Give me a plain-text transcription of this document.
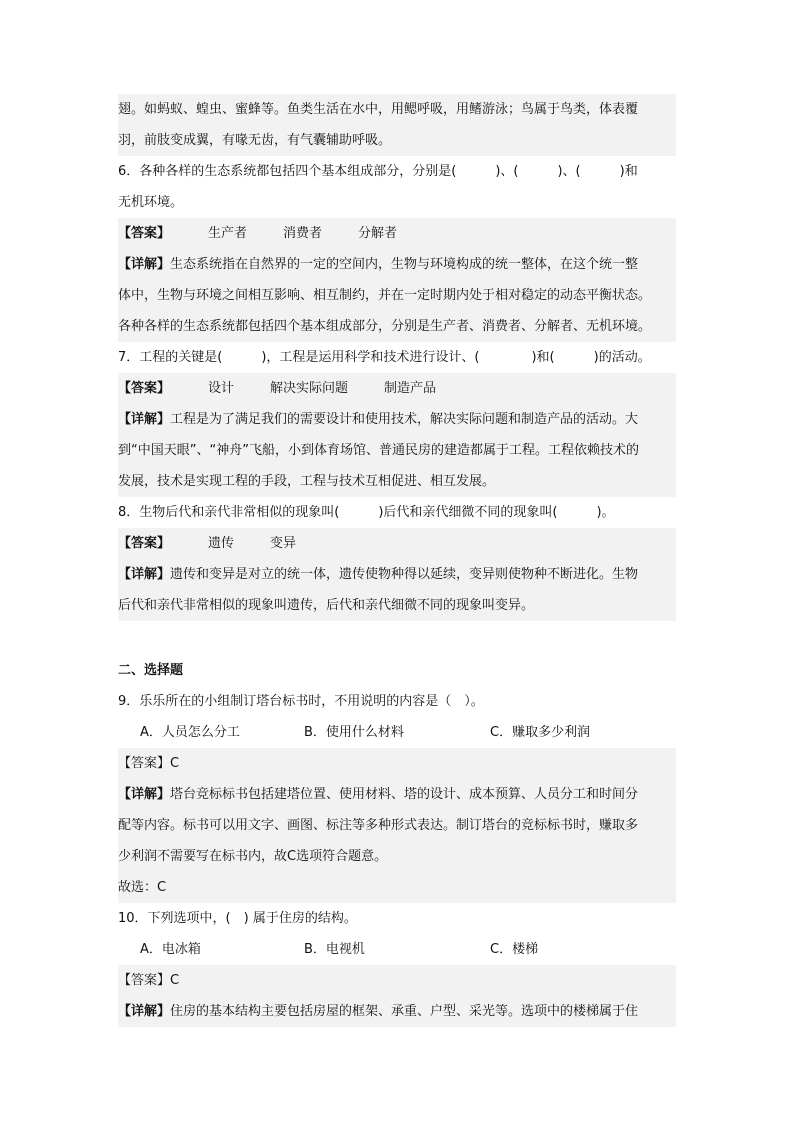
翅。如蚂蚁、蝗虫、蜜蜂等。鱼类生活在水中，用鳃呼吸，用鳍游泳；鸟属于鸟类，体表覆

羽，前肢变成翼，有喙无齿，有气囊辅助呼吸。

6．各种各样的生态系统都包括四个基本组成部分，分别是(　　　)、(　　　)、(　　　)和

无机环境。

【答案】	生产者	消费者	分解者

【详解】生态系统指在自然界的一定的空间内，生物与环境构成的统一整体，在这个统一整

体中，生物与环境之间相互影响、相互制约，并在一定时期内处于相对稳定的动态平衡状态。

各种各样的生态系统都包括四个基本组成部分，分别是生产者、消费者、分解者、无机环境。

7．工程的关键是(　　　)，工程是运用科学和技术进行设计、(　　　　)和(　　　)的活动。

【答案】	设计	解决实际问题	制造产品

【详解】工程是为了满足我们的需要设计和使用技术，解决实际问题和制造产品的活动。大

到“中国天眼”、“神舟”飞船，小到体育场馆、普通民房的建造都属于工程。工程依赖技术的

发展，技术是实现工程的手段，工程与技术互相促进、相互发展。

8．生物后代和亲代非常相似的现象叫(　　　)后代和亲代细微不同的现象叫(　　　)。

【答案】	遗传	变异

【详解】遗传和变异是对立的统一体，遗传使物种得以延续，变异则使物种不断进化。生物

后代和亲代非常相似的现象叫遗传，后代和亲代细微不同的现象叫变异。

二、选择题

9．乐乐所在的小组制订塔台标书时，不用说明的内容是（　）。

A．人员怎么分工	B．使用什么材料	C．赚取多少利润

【答案】C

【详解】塔台竞标标书包括建塔位置、使用材料、塔的设计、成本预算、人员分工和时间分

配等内容。标书可以用文字、画图、标注等多种形式表达。制订塔台的竞标标书时，赚取多

少利润不需要写在标书内，故C选项符合题意。

故选：C

10．下列选项中，(　) 属于住房的结构。

A．电冰箱	B．电视机	C．楼梯

【答案】C

【详解】住房的基本结构主要包括房屋的框架、承重、户型、采光等。选项中的楼梯属于住
